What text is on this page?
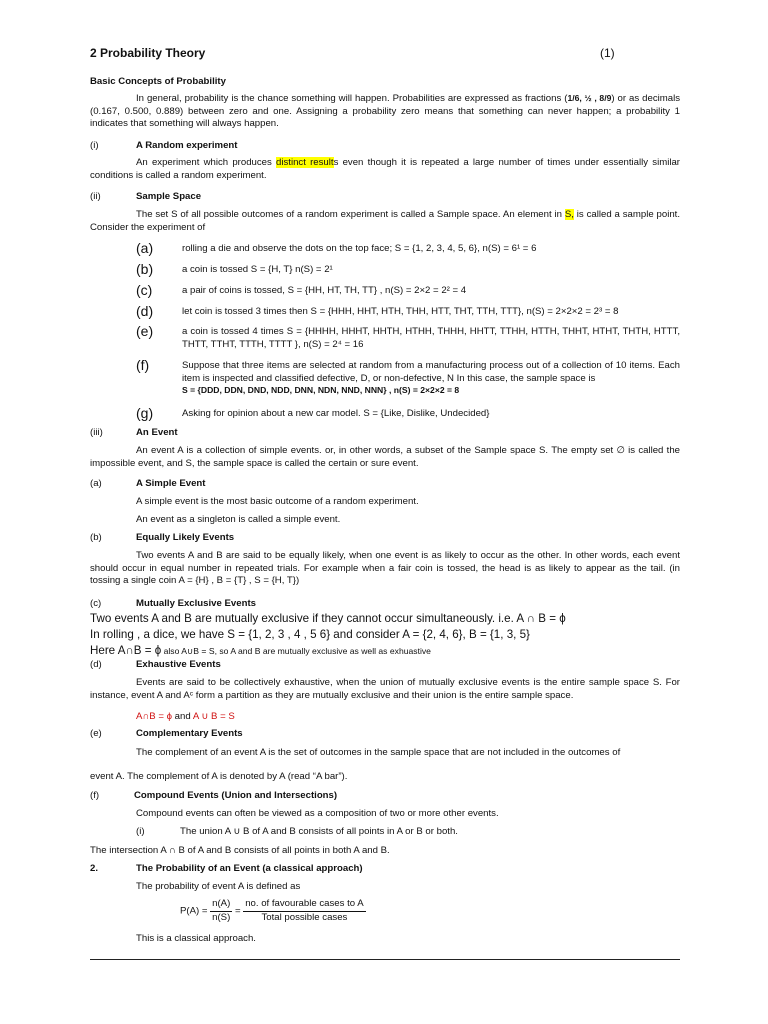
2 Probability Theory	(1)
Basic Concepts of Probability
In general, probability is the chance something will happen. Probabilities are expressed as fractions (1/6, ½ , 8/9) or as decimals (0.167, 0.500, 0.889) between zero and one. Assigning a probability zero means that something can never happen; a probability 1 indicates that something will always happen.
(i)	A Random experiment

An experiment which produces distinct results even though it is repeated a large number of times under essentially similar conditions is called a random experiment.
(ii)	Sample Space

The set S of all possible outcomes of a random experiment is called a Sample space. An element in S, is called a sample point. Consider the experiment of
(a)	rolling a die and observe the dots on the top face; S = {1, 2, 3, 4, 5, 6}, n(S) = 6¹ = 6
(b)	a coin is tossed S = {H, T} n(S) = 2¹
(c)	a pair of coins is tossed, S = {HH, HT, TH, TT} , n(S) = 2×2 = 2² = 4
(d)	let coin is tossed 3 times then S = {HHH, HHT, HTH, THH, HTT, THT, TTH, TTT}, n(S) = 2×2×2 = 2³ = 8
(e)	a coin is tossed 4 times S = {HHHH, HHHT, HHTH, HTHH, THHH, HHTT, TTHH, HTTH, THHT, HTHT, THTH, HTTT, THTT, TTHT, TTTH, TTTT }, n(S) = 2⁴ = 16
(f)	Suppose that three items are selected at random from a manufacturing process out of a collection of 10 items. Each item is inspected and classified defective, D, or non-defective, N In this case, the sample space is
S = {DDD, DDN, DND, NDD, DNN, NDN, NND, NNN} , n(S) = 2×2×2 = 8
(g)	Asking for opinion about a new car model. S = {Like, Dislike, Undecided}
(iii)	An Event

An event A is a collection of simple events. or, in other words, a subset of the Sample space S. The empty set ∅ is called the impossible event, and S, the sample space is called the certain or sure event.
(a)	A Simple Event

A simple event is the most basic outcome of a random experiment.
An event as a singleton is called a simple event.
(b)	Equally Likely Events

Two events A and B are said to be equally likely, when one event is as likely to occur as the other. In other words, each event should occur in equal number in repeated trials. For example when a fair coin is tossed, the head is as likely to appear as the tail. (in tossing a single coin A = {H} , B = {T} , S = {H, T})
(c)	Mutually Exclusive Events

Two events A and B are mutually exclusive if they cannot occur simultaneously. i.e. A ∩ B = ϕ
In rolling , a dice, we have S = {1, 2, 3 , 4 , 5 6} and consider A = {2, 4, 6}, B = {1, 3, 5}
Here A∩B = ϕ also A∪B = S, so A and B are mutually exclusive as well as exhuastive
(d)	Exhaustive Events

Events are said to be collectively exhaustive, when the union of mutually exclusive events is the entire sample space S. For instance, event A and Aᶜ form a partition as they are mutually exclusive and their union is the entire sample space.
A∩B = ϕ and A ∪ B = S
(e)	Complementary Events

The complement of an event A is the set of outcomes in the sample space that are not included in the outcomes of
event A. The complement of A is denoted by A (read “A bar”).
(f)	Compound Events (Union and Intersections)

Compound events can often be viewed as a composition of two or more other events.
(i)	The union A ∪ B of A and B consists of all points in A or B or both.

The intersection A ∩ B of A and B consists of all points in both A and B.
2.	The Probability of an Event (a classical approach)

The probability of event A is defined as
$P(A) = \frac{n(A)}{n(S)} = \frac{\text{no. of favourable cases to A}}{\text{Total possible cases}}$
This is a classical approach.
